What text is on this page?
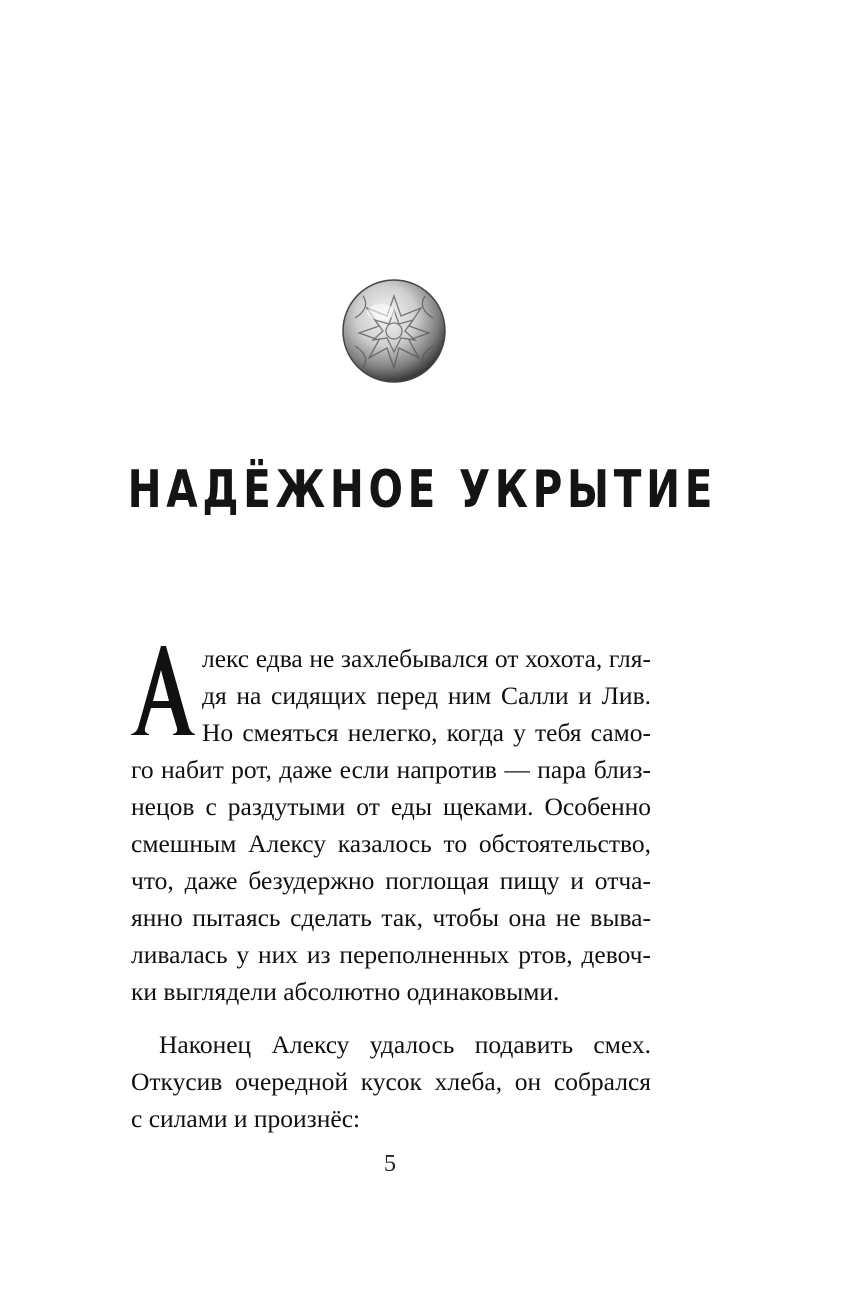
НАДЁЖНОЕ УКРЫТИЕ
А	лекс едва не захлебывался от хохота, гля-
дя на сидящих перед ним Салли и Лив.
Но смеяться нелегко, когда у тебя само-
го набит рот, даже если напротив — пара близ-
нецов с раздутыми от еды щеками. Особенно
смешным Алексу казалось то обстоятельство,
что, даже безудержно поглощая пищу и отча-
янно пытаясь сделать так, чтобы она не выва-
ливалась у них из переполненных ртов, девоч-
ки выглядели абсолютно одинаковыми.
Наконец Алексу удалось подавить смех.
Откусив очередной кусок хлеба, он собрался
с силами и произнёс:
5
